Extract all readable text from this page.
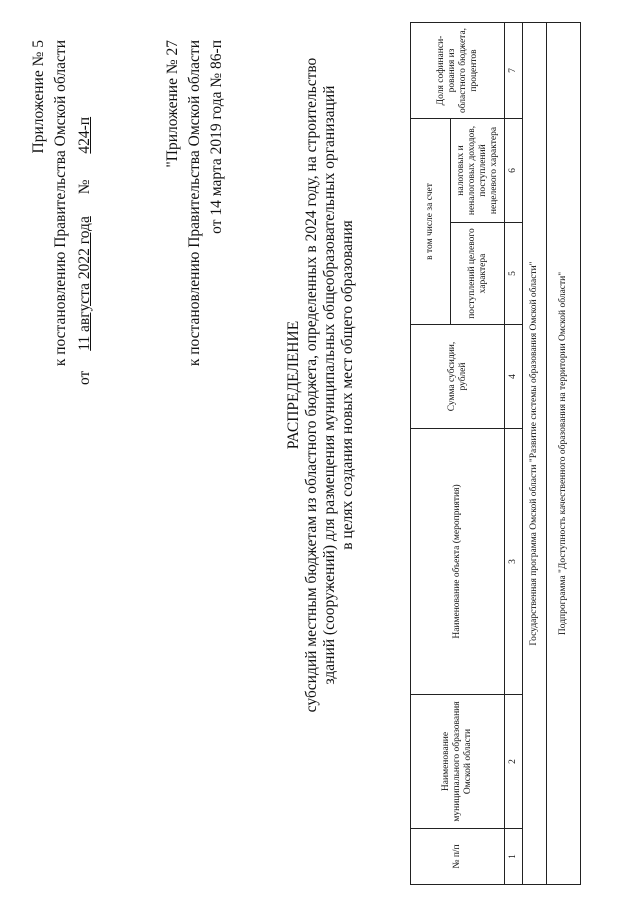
Приложение № 5 к постановлению Правительства Омской области
от 11 августа 2022 года № 424-п	"Приложение № 27 к постановлению Правительства Омской области от 14 марта 2019 года № 86-п
РАСПРЕДЕЛЕНИЕ субсидий местным бюджетам из областного бюджета, определенных в 2024 году, на строительство зданий (сооружений) для размещения муниципальных общеобразовательных организаций в целях создания новых мест общего образования
№ п/п	Наименование муниципального образования Омской области	Наименование объекта (мероприятия)	Сумма субсидии, рублей	в том числе за счет		Доля софинанси-рования из областного бюджета, процентов
				поступлений целевого характера	налоговых и неналоговых доходов, поступлений нецелевого характера	
1	2	3	4	5	6	7
Государственная программа Омской области "Развитие системы образования Омской области"						
Подпрограмма "Доступность качественного образования на территории Омской области"						
